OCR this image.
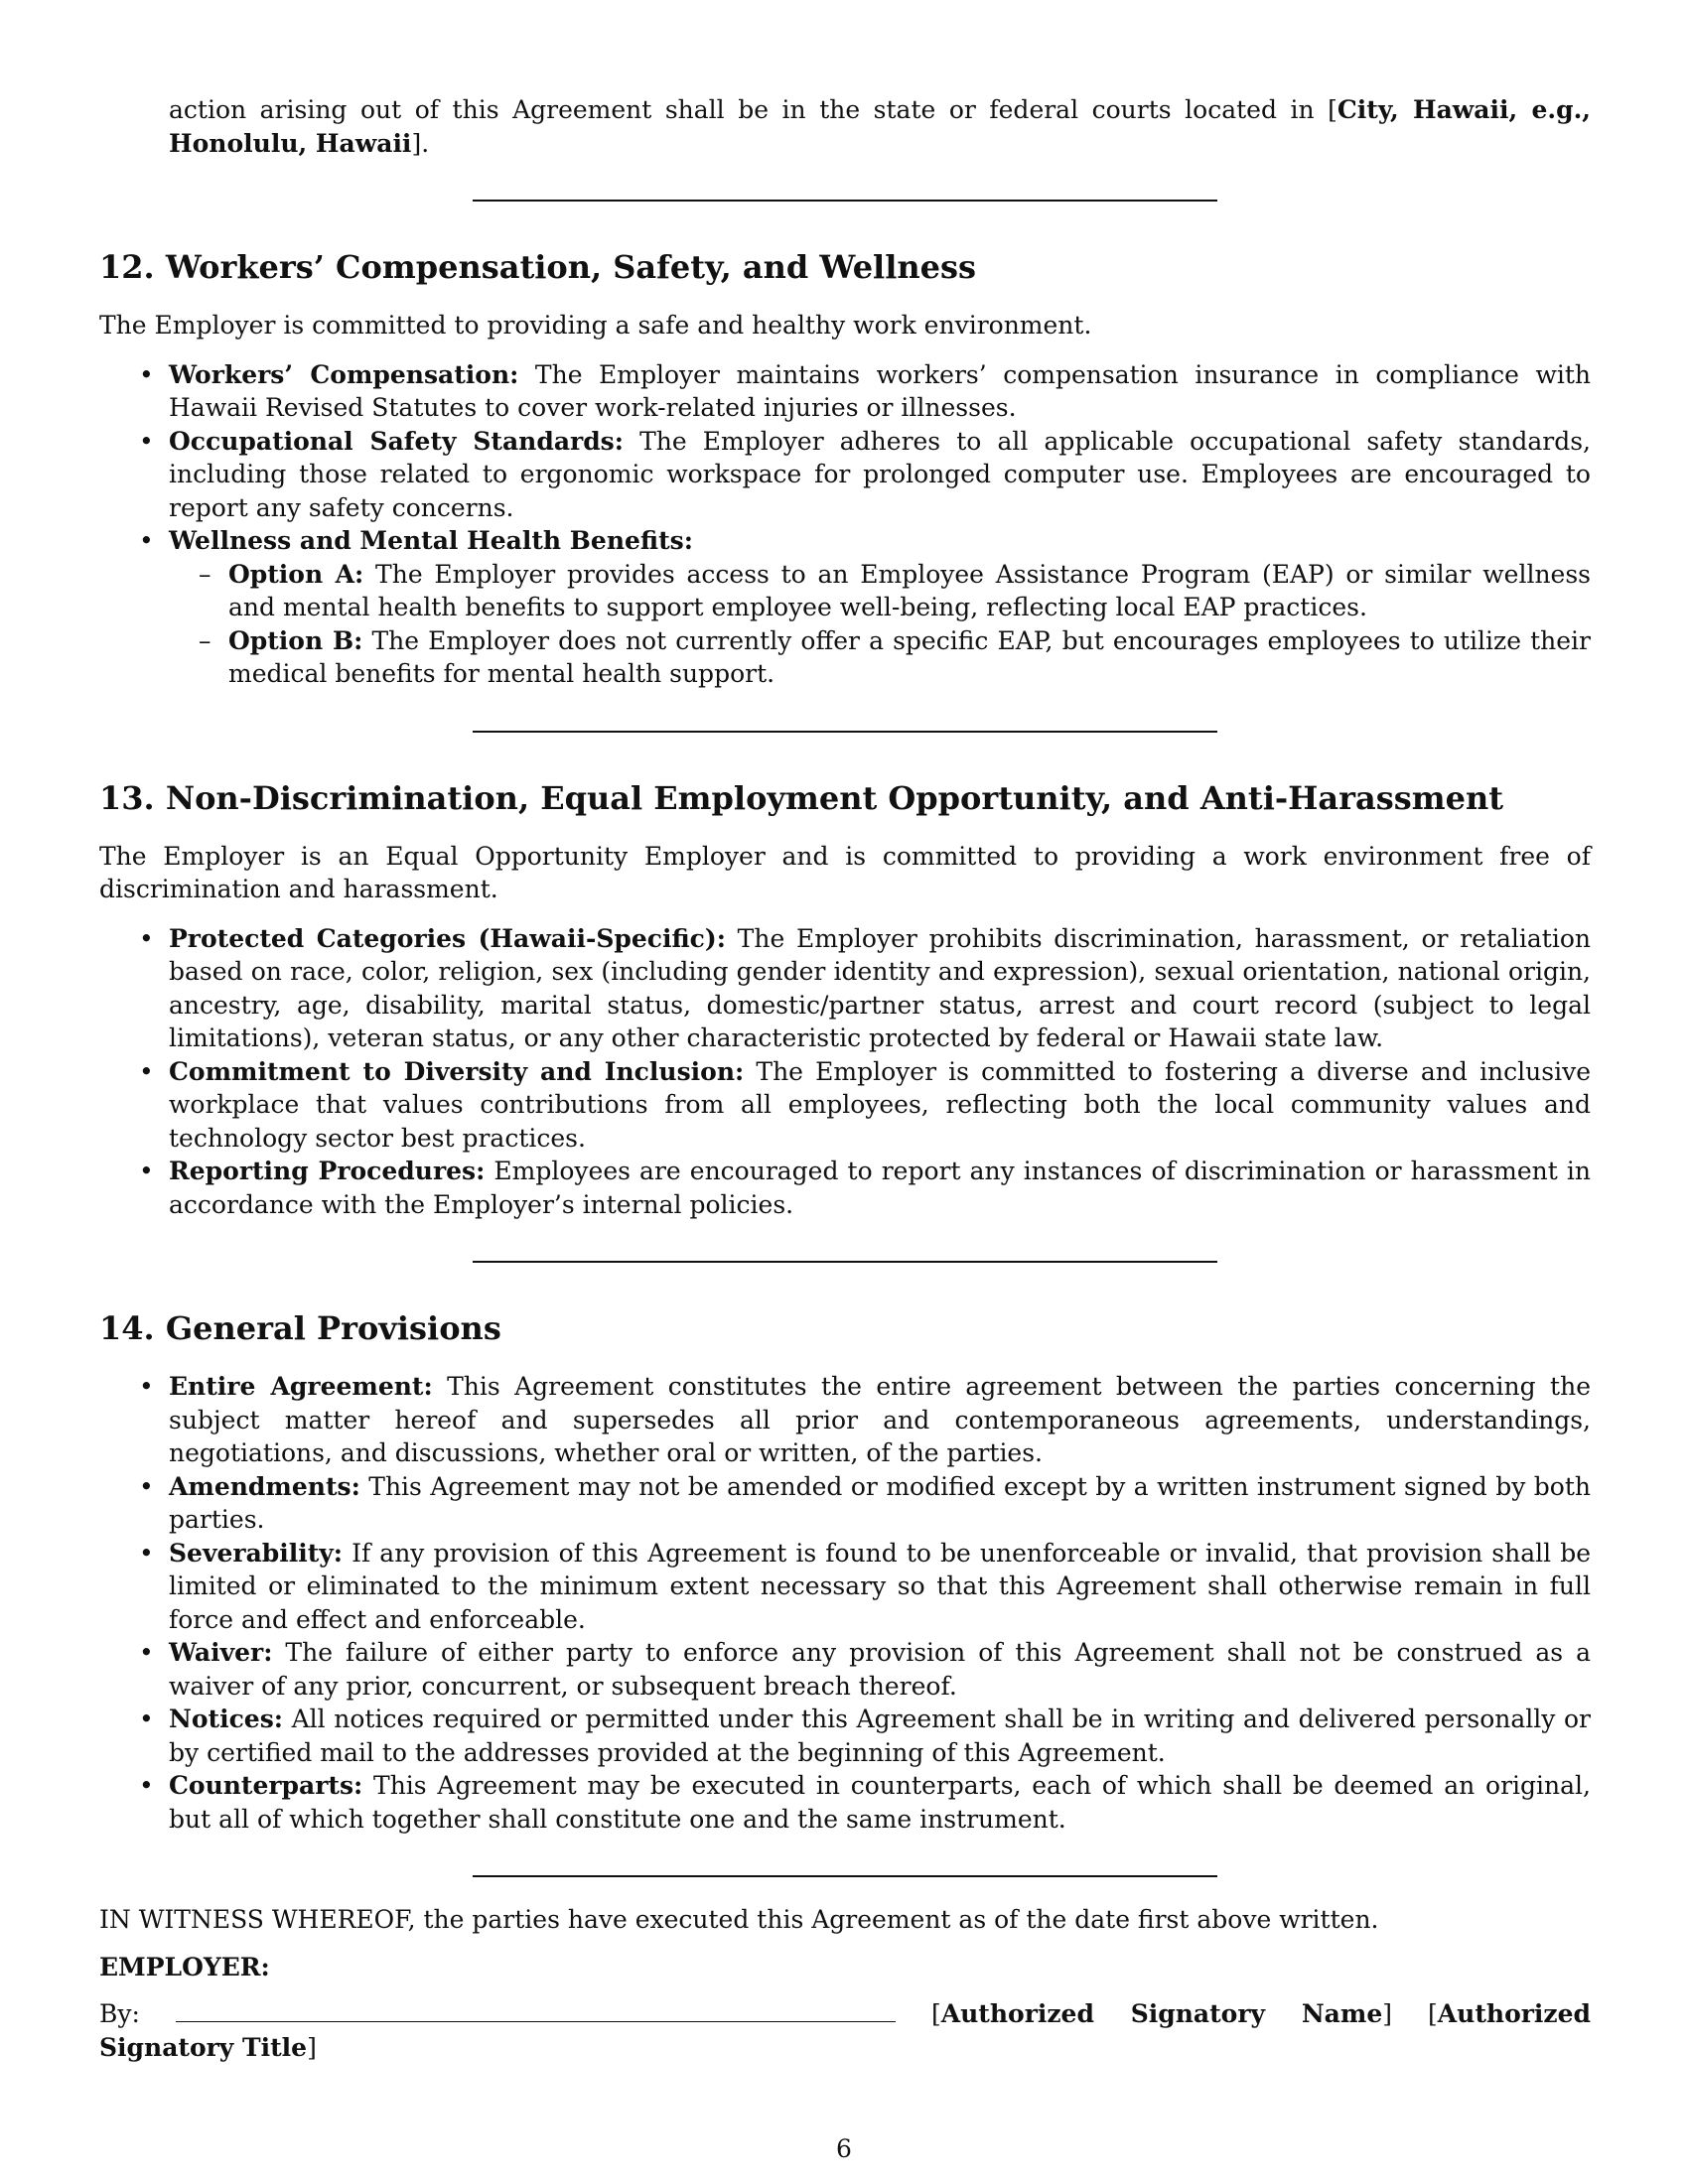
action arising out of this Agreement shall be in the state or federal courts located in [City, Hawaii, e.g., Honolulu, Hawaii].

12. Workers’ Compensation, Safety, and Wellness

The Employer is committed to providing a safe and healthy work environment.

• Workers’ Compensation: The Employer maintains workers’ compensation insurance in compliance with Hawaii Revised Statutes to cover work-related injuries or illnesses.
• Occupational Safety Standards: The Employer adheres to all applicable occupational safety standards, including those related to ergonomic workspace for prolonged computer use. Employees are encouraged to report any safety concerns.
• Wellness and Mental Health Benefits:
– Option A: The Employer provides access to an Employee Assistance Program (EAP) or similar wellness and mental health benefits to support employee well-being, reflecting local EAP practices.
– Option B: The Employer does not currently offer a specific EAP, but encourages employees to utilize their medical benefits for mental health support.
13. Non-Discrimination, Equal Employment Opportunity, and Anti-Harassment

The Employer is an Equal Opportunity Employer and is committed to providing a work environment free of discrimination and harassment.

• Protected Categories (Hawaii-Specific): The Employer prohibits discrimination, harassment, or retaliation based on race, color, religion, sex (including gender identity and expression), sexual orientation, national origin, ancestry, age, disability, marital status, domestic/partner status, arrest and court record (subject to legal limitations), veteran status, or any other characteristic protected by federal or Hawaii state law.
• Commitment to Diversity and Inclusion: The Employer is committed to fostering a diverse and inclusive workplace that values contributions from all employees, reflecting both the local community values and technology sector best practices.
• Reporting Procedures: Employees are encouraged to report any instances of discrimination or harassment in accordance with the Employer’s internal policies.
14. General Provisions
• Entire Agreement: This Agreement constitutes the entire agreement between the parties concerning the subject matter hereof and supersedes all prior and contemporaneous agreements, understandings, negotiations, and discussions, whether oral or written, of the parties.
• Amendments: This Agreement may not be amended or modified except by a written instrument signed by both parties.
• Severability: If any provision of this Agreement is found to be unenforceable or invalid, that provision shall be limited or eliminated to the minimum extent necessary so that this Agreement shall otherwise remain in full force and effect and enforceable.
• Waiver: The failure of either party to enforce any provision of this Agreement shall not be construed as a waiver of any prior, concurrent, or subsequent breach thereof.
• Notices: All notices required or permitted under this Agreement shall be in writing and delivered personally or by certified mail to the addresses provided at the beginning of this Agreement.
• Counterparts: This Agreement may be executed in counterparts, each of which shall be deemed an original, but all of which together shall constitute one and the same instrument.

IN WITNESS WHEREOF, the parties have executed this Agreement as of the date first above written.

EMPLOYER:

By:	[Authorized Signatory Name] [Authorized Signatory Title]

6
